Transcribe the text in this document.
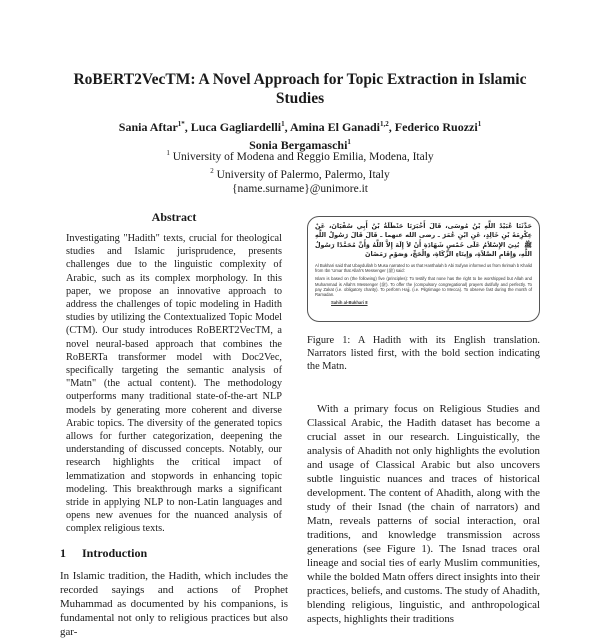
RoBERT2VecTM: A Novel Approach for Topic Extraction in Islamic Studies
Sania Aftar$^{1*}$, Luca Gagliardelli$^1$, Amina El Ganadi$^{1,2}$, Federico Ruozzi$^1$
Sonia Bergamaschi$^1$
$^1$ University of Modena and Reggio Emilia, Modena, Italy
$^2$ University of Palermo, Palermo, Italy
{name.surname}@unimore.it
Abstract

Investigating "Hadith" texts, crucial for theological studies and Islamic jurisprudence, presents challenges due to the linguistic complexity of Arabic, such as its complex morphology. In this paper, we propose an innovative approach to address the challenges of topic modeling in Hadith studies by utilizing the Contextualized Topic Model (CTM). Our study introduces RoBERT2VecTM, a novel neural-based approach that combines the RoBERTa transformer model with Doc2Vec, specifically targeting the semantic analysis of "Matn" (the actual content). The methodology outperforms many traditional state-of-the-art NLP models by generating more coherent and diverse Arabic topics. The diversity of the generated topics allows for further categorization, deepening the understanding of discussed concepts. Notably, our research highlights the critical impact of lemmatization and stopwords in enhancing topic modeling. This breakthrough marks a significant stride in applying NLP to non-Latin languages and opens new avenues for the nuanced analysis of complex religious texts.

1 Introduction

In Islamic tradition, the Hadith, which includes the recorded sayings and actions of Prophet Muhammad as documented by his companions, is fundamental not only to religious practices but also gar-

حَدَّثَنَا عُبَيْدُ اللَّهِ بْنُ مُوسَى، قَالَ أَخْبَرَنَا حَنْظَلَةُ بْنُ أَبِي سُفْيَانَ، عَنْ عِكْرِمَةَ بْنِ خَالِدٍ، عَنِ ابْنِ عُمَرَ ـ رضى الله عنهما ـ قَالَ قَالَ رَسُولُ اللَّهِ ﷺ ‏ بُنِيَ الإِسْلاَمُ عَلَى خَمْسٍ شَهَادَةِ أَنْ لاَ إِلَهَ إِلاَّ اللَّهُ وَأَنَّ مُحَمَّدًا رَسُولُ اللَّهِ، وَإِقَامِ الصَّلاَةِ، وَإِيتَاءِ الزَّكَاةِ، وَالْحَجِّ، وَصَوْمِ رَمَضَانَ
Al Bukhari said that Ubaydullah b Musa narrated to us that Hanthalah b Abi Sufyan informed us from Ikrimah b Khalid from Ibn 'Umar that Allah's Messenger (ﷺ) said:
Islam is based on (the following) five (principles): To testify that none has the right to be worshipped but Allah and Muhammad is Allah's Messenger (ﷺ). To offer the (compulsory congregational) prayers dutifully and perfectly. To pay Zakat (i.e. obligatory charity). To perform Hajj. (i.e. Pilgrimage to Mecca). To observe fast during the month of Ramadan.
Sahih al-Bukhari 8
Figure 1: A Hadith with its English translation. Narrators listed first, with the bold section indicating the Matn.

With a primary focus on Religious Studies and Classical Arabic, the Hadith dataset has become a crucial asset in our research. Linguistically, the analysis of Ahadith not only highlights the evolution and usage of Classical Arabic but also uncovers subtle linguistic nuances and traces of historical development. The content of Ahadith, along with the study of their Isnad (the chain of narrators) and Matn, reveals patterns of social interaction, oral traditions, and knowledge transmission across generations (see Figure 1). The Isnad traces oral lineage and social ties of early Muslim communities, while the bolded Matn offers direct insights into their practices, beliefs, and customs. The study of Ahadith, blending religious, linguistic, and anthropological aspects, highlights their traditions
